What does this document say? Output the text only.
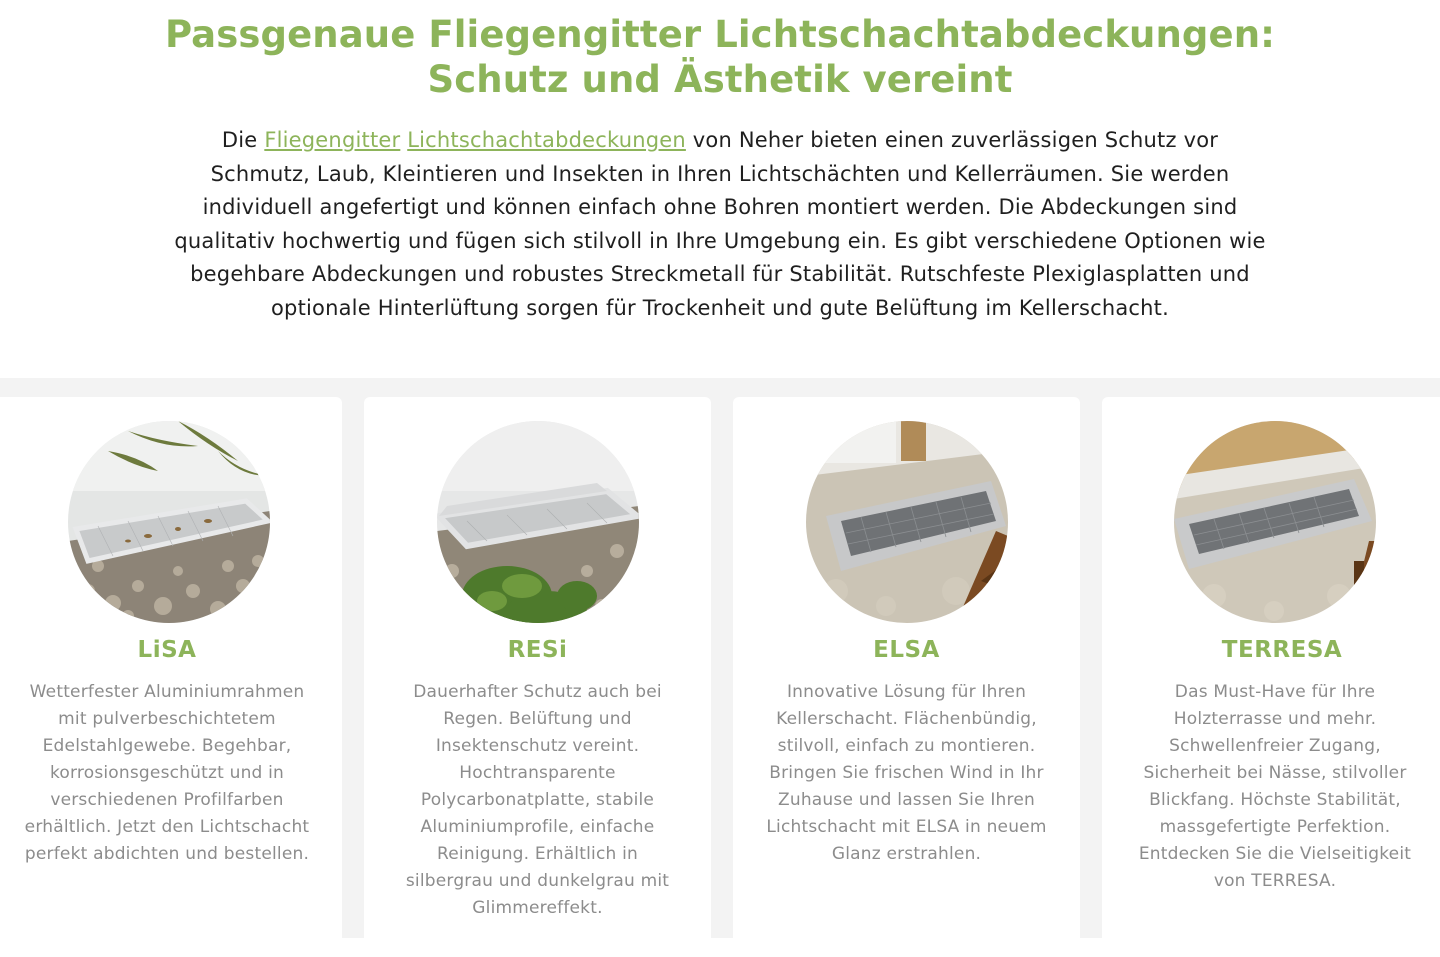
Passgenaue Fliegengitter Lichtschachtabdeckungen:
Schutz und Ästhetik vereint

Die Fliegengitter Lichtschachtabdeckungen von Neher bieten einen zuverlässigen Schutz vor Schmutz, Laub, Kleintieren und Insekten in Ihren Lichtschächten und Kellerräumen. Sie werden individuell angefertigt und können einfach ohne Bohren montiert werden. Die Abdeckungen sind qualitativ hochwertig und fügen sich stilvoll in Ihre Umgebung ein. Es gibt verschiedene Optionen wie begehbare Abdeckungen und robustes Streckmetall für Stabilität. Rutschfeste Plexiglasplatten und optionale Hinterlüftung sorgen für Trockenheit und gute Belüftung im Kellerschacht.

LiSA

Wetterfester Aluminiumrahmen mit pulverbeschichtetem Edelstahlgewebe. Begehbar, korrosionsgeschützt und in verschiedenen Profilfarben erhältlich. Jetzt den Lichtschacht perfekt abdichten und bestellen.

RESi

Dauerhafter Schutz auch bei Regen. Belüftung und Insektenschutz vereint. Hochtransparente Polycarbonatplatte, stabile Aluminiumprofile, einfache Reinigung. Erhältlich in silbergrau und dunkelgrau mit Glimmereffekt.

ELSA

Innovative Lösung für Ihren Kellerschacht. Flächenbündig, stilvoll, einfach zu montieren. Bringen Sie frischen Wind in Ihr Zuhause und lassen Sie Ihren Lichtschacht mit ELSA in neuem Glanz erstrahlen.

TERRESA

Das Must-Have für Ihre Holzterrasse und mehr. Schwellenfreier Zugang, Sicherheit bei Nässe, stilvoller Blickfang. Höchste Stabilität, massgefertigte Perfektion. Entdecken Sie die Vielseitigkeit von TERRESA.
